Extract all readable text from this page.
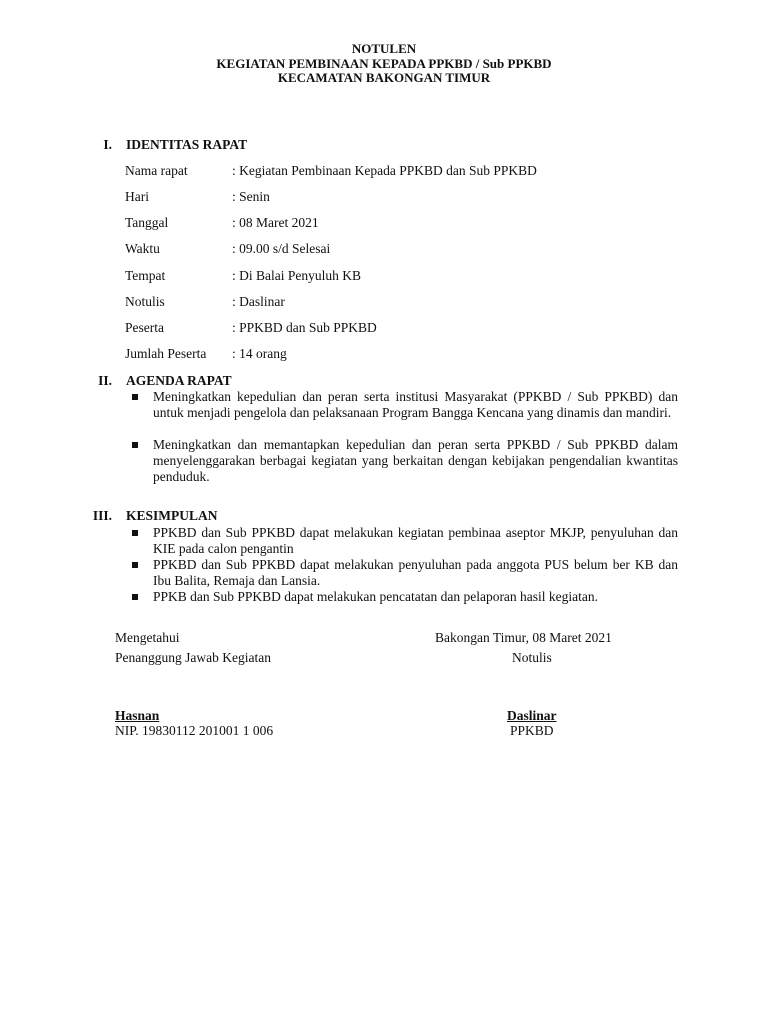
NOTULEN
KEGIATAN PEMBINAAN KEPADA PPKBD / Sub PPKBD
KECAMATAN BAKONGAN TIMUR
I. IDENTITAS RAPAT
Nama rapat	: Kegiatan Pembinaan Kepada PPKBD dan Sub PPKBD
Hari	: Senin
Tanggal	: 08 Maret 2021
Waktu	: 09.00 s/d Selesai
Tempat	: Di Balai Penyuluh KB
Notulis	: Daslinar
Peserta	: PPKBD dan Sub PPKBD
Jumlah Peserta : 14 orang
II. AGENDA RAPAT
Meningkatkan kepedulian dan peran serta institusi Masyarakat (PPKBD / Sub PPKBD) dan untuk menjadi pengelola dan pelaksanaan Program Bangga Kencana yang dinamis dan mandiri.
Meningkatkan dan memantapkan kepedulian dan peran serta PPKBD / Sub PPKBD dalam menyelenggarakan berbagai kegiatan yang berkaitan dengan kebijakan pengendalian kwantitas penduduk.
III. KESIMPULAN
PPKBD dan Sub PPKBD dapat melakukan kegiatan pembinaa aseptor MKJP, penyuluhan dan KIE pada calon pengantin
PPKBD dan Sub PPKBD dapat melakukan penyuluhan pada anggota PUS belum ber KB dan Ibu Balita, Remaja dan Lansia.
PPKB dan Sub PPKBD dapat melakukan pencatatan dan pelaporan hasil kegiatan.
Mengetahui
Penanggung Jawab Kegiatan
Hasnan
NIP. 19830112 201001 1 006
Bakongan Timur, 08 Maret 2021
Notulis
Daslinar
PPKBD
